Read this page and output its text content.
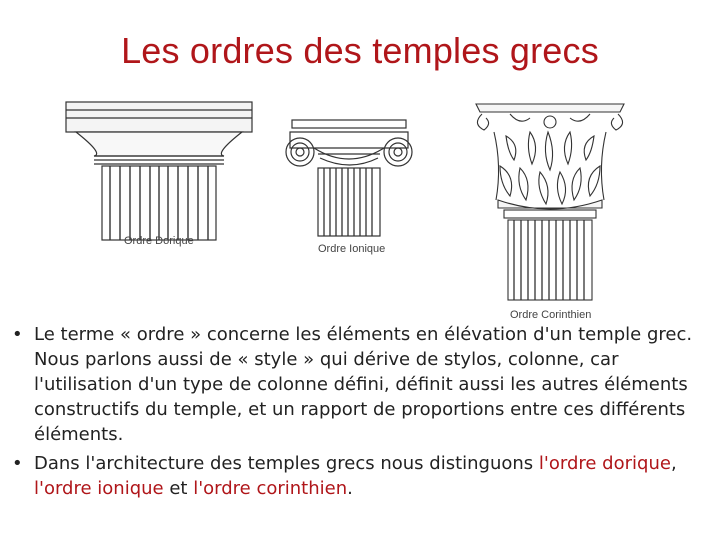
Les ordres des temples grecs
Ordre Dorique
Ordre Ionique
Ordre Corinthien
• Le terme « ordre » concerne les éléments en élévation d'un temple grec. Nous parlons aussi de « style » qui dérive de stylos, colonne, car l'utilisation d'un type de colonne défini, définit aussi les autres éléments constructifs du temple, et un rapport de proportions entre ces différents éléments.
• Dans l'architecture des temples grecs nous distinguons l'ordre dorique, l'ordre ionique et l'ordre corinthien.
